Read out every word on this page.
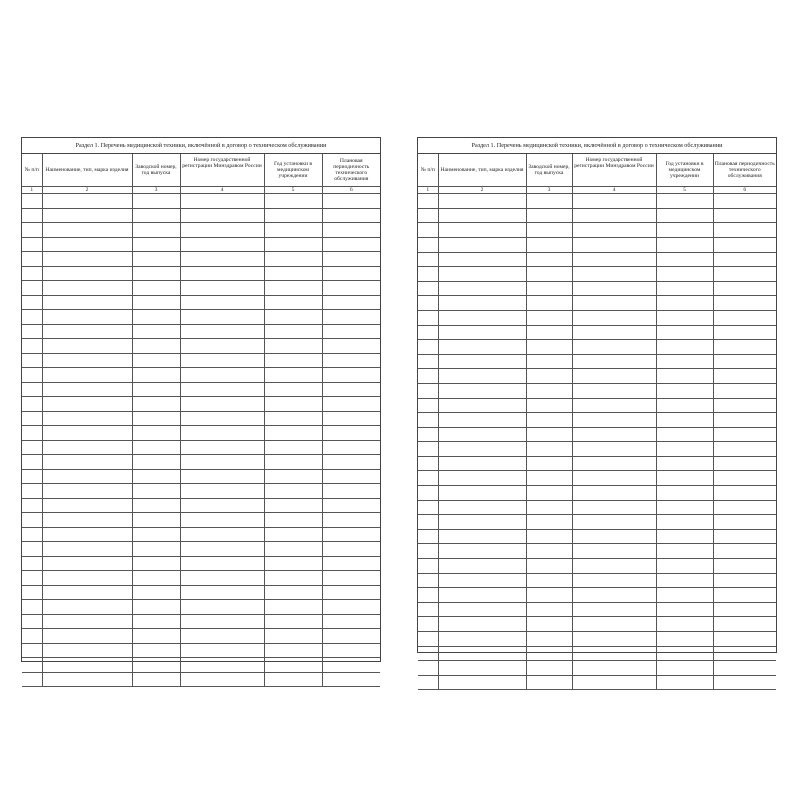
Раздел 1. Перечень медицинской техники, включённой в договор о техническом обслуживании
№ п/п	Наименование, тип, марка изделия	Заводской номер, год выпуска	Номер государственной регистрации Минздравом России	Год установки в медицинском учреждении	Плановая периодичность технического обслуживания
1	2	3	4	5	6

Раздел 1. Перечень медицинской техники, включённой в договор о техническом обслуживании
№ п/п	Наименование, тип, марка изделия	Заводской номер, год выпуска	Номер государственной регистрации Минздравом России	Год установки в медицинском учреждении	Плановая периодичность технического обслуживания
1	2	3	4	5	6
